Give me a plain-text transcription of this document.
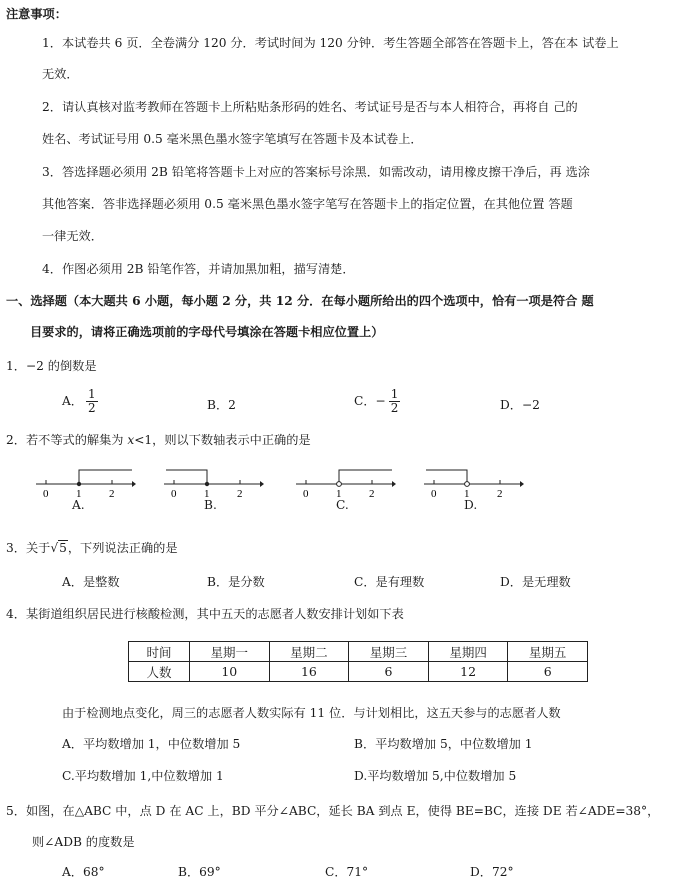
注意事项：
1．本试卷共 6 页．全卷满分 120 分．考试时间为 120 分钟．考生答题全部答在答题卡上，答在本 试卷上
无效．
2．请认真核对监考教师在答题卡上所粘贴条形码的姓名、考试证号是否与本人相符合，再将自 己的
姓名、考试证号用 0.5 毫米黑色墨水签字笔填写在答题卡及本试卷上．
3．答选择题必须用 2B 铅笔将答题卡上对应的答案标号涂黑．如需改动，请用橡皮擦干净后，再 选涂
其他答案．答非选择题必须用 0.5 毫米黑色墨水签字笔写在答题卡上的指定位置，在其他位置 答题
一律无效．
4．作图必须用 2B 铅笔作答，并请加黑加粗，描写清楚．
一、选择题（本大题共 6 小题，每小题 2 分，共 12 分．在每小题所给出的四个选项中，恰有一项是符合 题
目要求的，请将正确选项前的字母代号填涂在答题卡相应位置上）
1．−2 的倒数是
A． $\frac{1}{2}$	B．2	C．− $\frac{1}{2}$	D．−2
2．若不等式的解集为 x<1，则以下数轴表示中正确的是
0	1	2
A.
0	1	2
B.
0	1	2
C.
0	1	2
D.
3．关于√5，下列说法正确的是
A．是整数	B．是分数	C．是有理数	D．是无理数
4．某街道组织居民进行核酸检测，其中五天的志愿者人数安排计划如下表
时间	星期一	星期二	星期三	星期四	星期五
人数	10	16	6	12	6
由于检测地点变化，周三的志愿者人数实际有 11 位．与计划相比，这五天参与的志愿者人数
A．平均数增加 1，中位数增加 5	B．平均数增加 5，中位数增加 1
C.平均数增加 1,中位数增加 1	D.平均数增加 5,中位数增加 5
5．如图，在△ABC 中，点 D 在 AC 上，BD 平分∠ABC，延长 BA 到点 E，使得 BE=BC，连接 DE 若∠ADE=38°，
则∠ADB 的度数是
A．68°	B．69°	C．71°	D．72°
